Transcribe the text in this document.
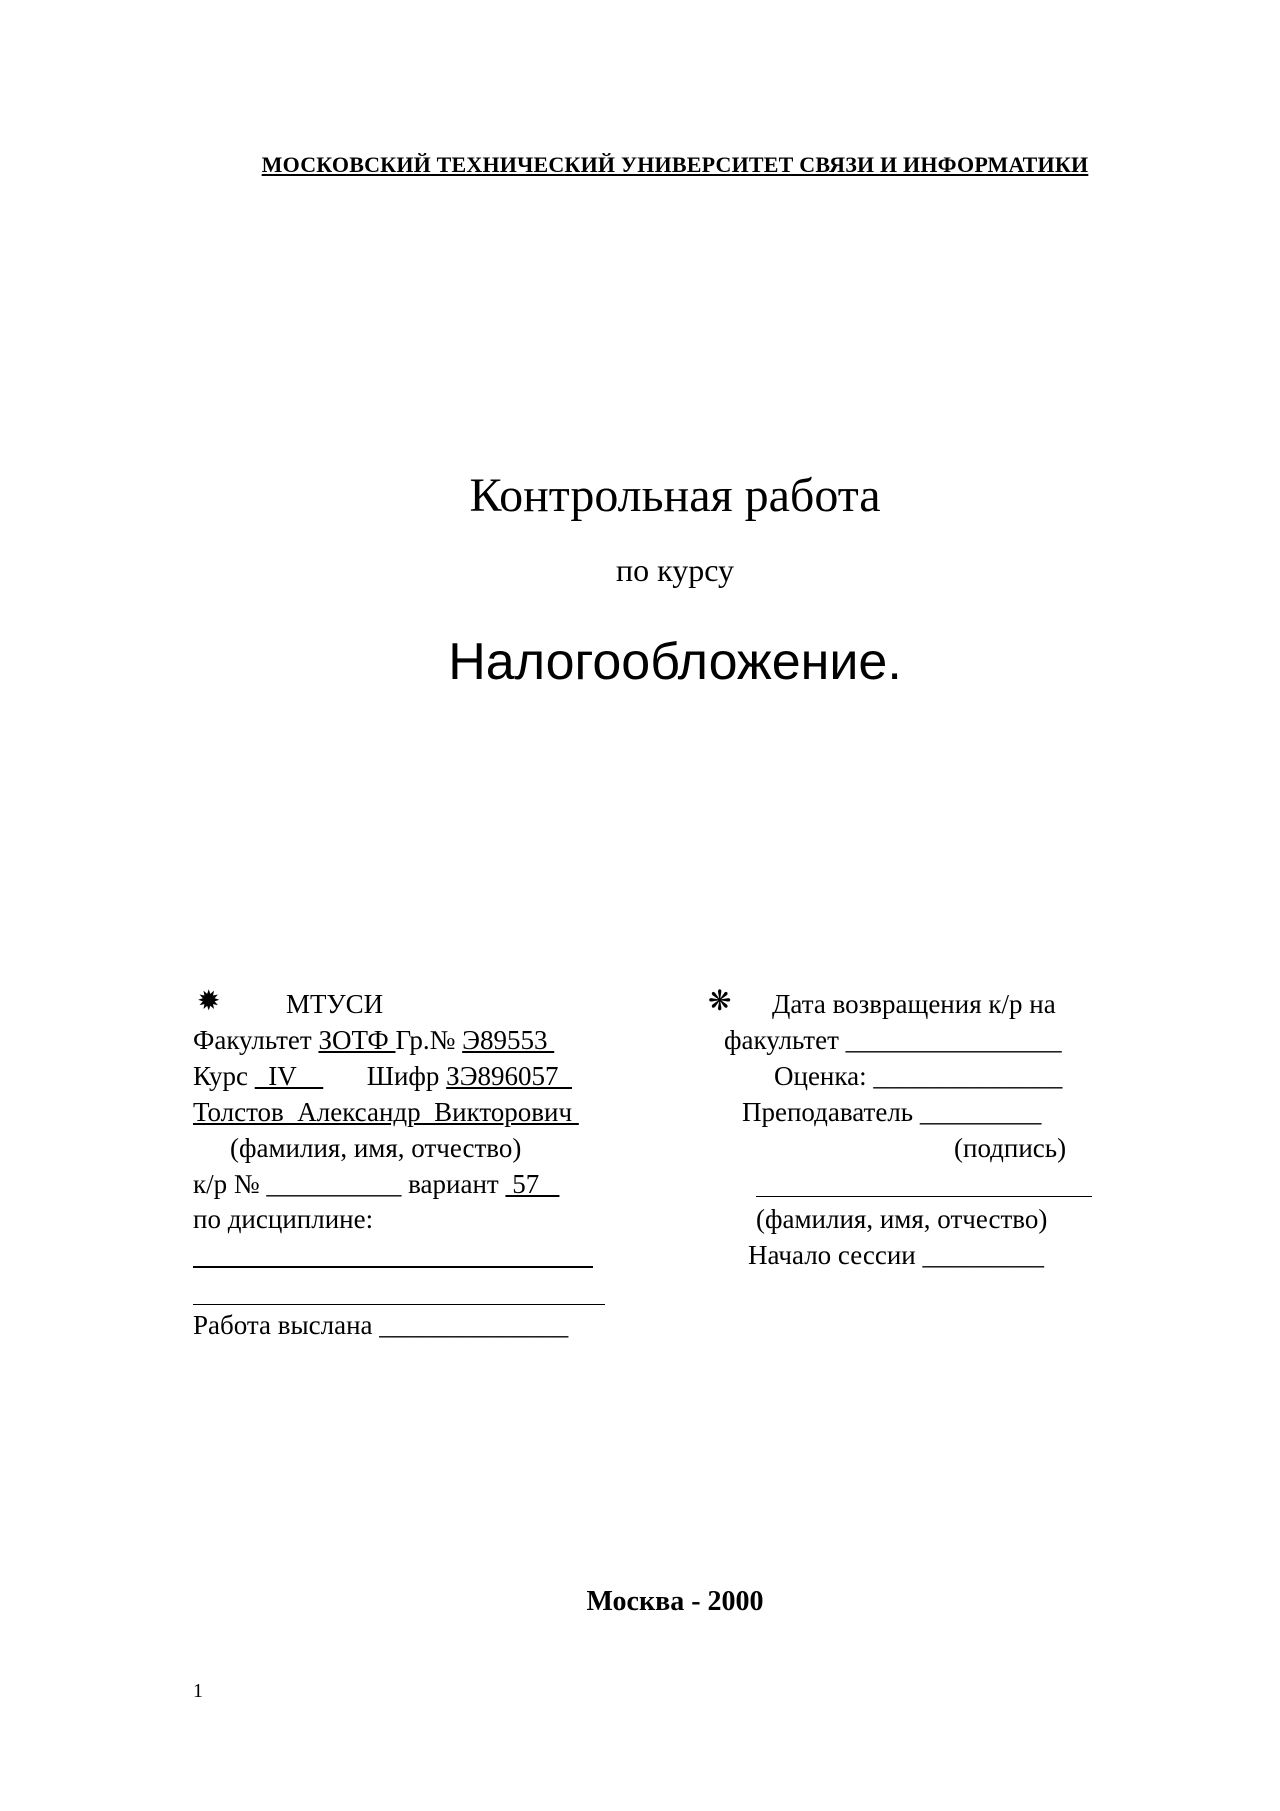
МОСКОВСКИЙ ТЕХНИЧЕСКИЙ УНИВЕРСИТЕТ СВЯЗИ И ИНФОРМАТИКИ
Контрольная работа
по курсу
Налогообложение.
✹ МТУСИ
Факультет ЗОТФ Гр.№ Э89553
Курс   IV      Шифр ЗЭ896057
Толстов  Александр  Викторович
(фамилия, имя, отчество)
к/р № __________ вариант  57
по дисциплине:
Работа выслана ______________
❋ Дата возвращения к/р на
факультет ________________
Оценка: ______________
Преподаватель _________
(подпись)
(фамилия, имя, отчество)
Начало сессии _________
Москва - 2000
1
